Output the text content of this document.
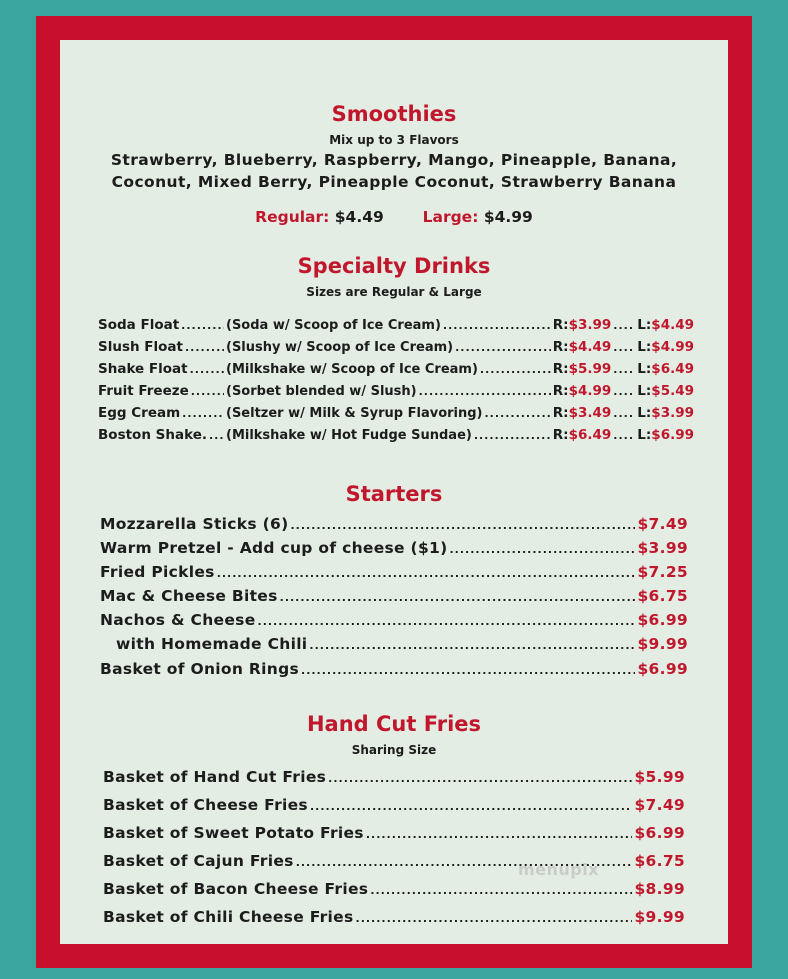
Smoothies
Mix up to 3 Flavors
Strawberry, Blueberry, Raspberry, Mango, Pineapple, Banana,
Coconut, Mixed Berry, Pineapple Coconut, Strawberry Banana
Regular: $4.49	Large: $4.99
Specialty Drinks
Sizes are Regular & Large
Soda Float .....	(Soda w/ Scoop of Ice Cream) .....	R: $3.99 ..... L: $4.49
Slush Float .....	(Slushy w/ Scoop of Ice Cream) .....	R: $4.49 ..... L: $4.99
Shake Float .....	(Milkshake w/ Scoop of Ice Cream) .....	R: $5.99 ..... L: $6.49
Fruit Freeze .....	(Sorbet blended w/ Slush) .....	R: $4.99 ..... L: $5.49
Egg Cream .....	(Seltzer w/ Milk & Syrup Flavoring) .....	R: $3.49 ..... L: $3.99
Boston Shake. ..... (Milkshake w/ Hot Fudge Sundae) .....	R: $6.49 ..... L: $6.99
Starters
Mozzarella Sticks (6) .....	$7.49
Warm Pretzel - Add cup of cheese ($1) .....	$3.99
Fried Pickles .....	$7.25
Mac & Cheese Bites .....	$6.75
Nachos & Cheese .....	$6.99
with Homemade Chili .....	$9.99
Basket of Onion Rings .....	$6.99
Hand Cut Fries
Sharing Size
Basket of Hand Cut Fries .....	$5.99
Basket of Cheese Fries .....	$7.49
Basket of Sweet Potato Fries .....	$6.99
Basket of Cajun Fries .....	$6.75
Basket of Bacon Cheese Fries .....	$8.99
Basket of Chili Cheese Fries .....	$9.99
menupix
